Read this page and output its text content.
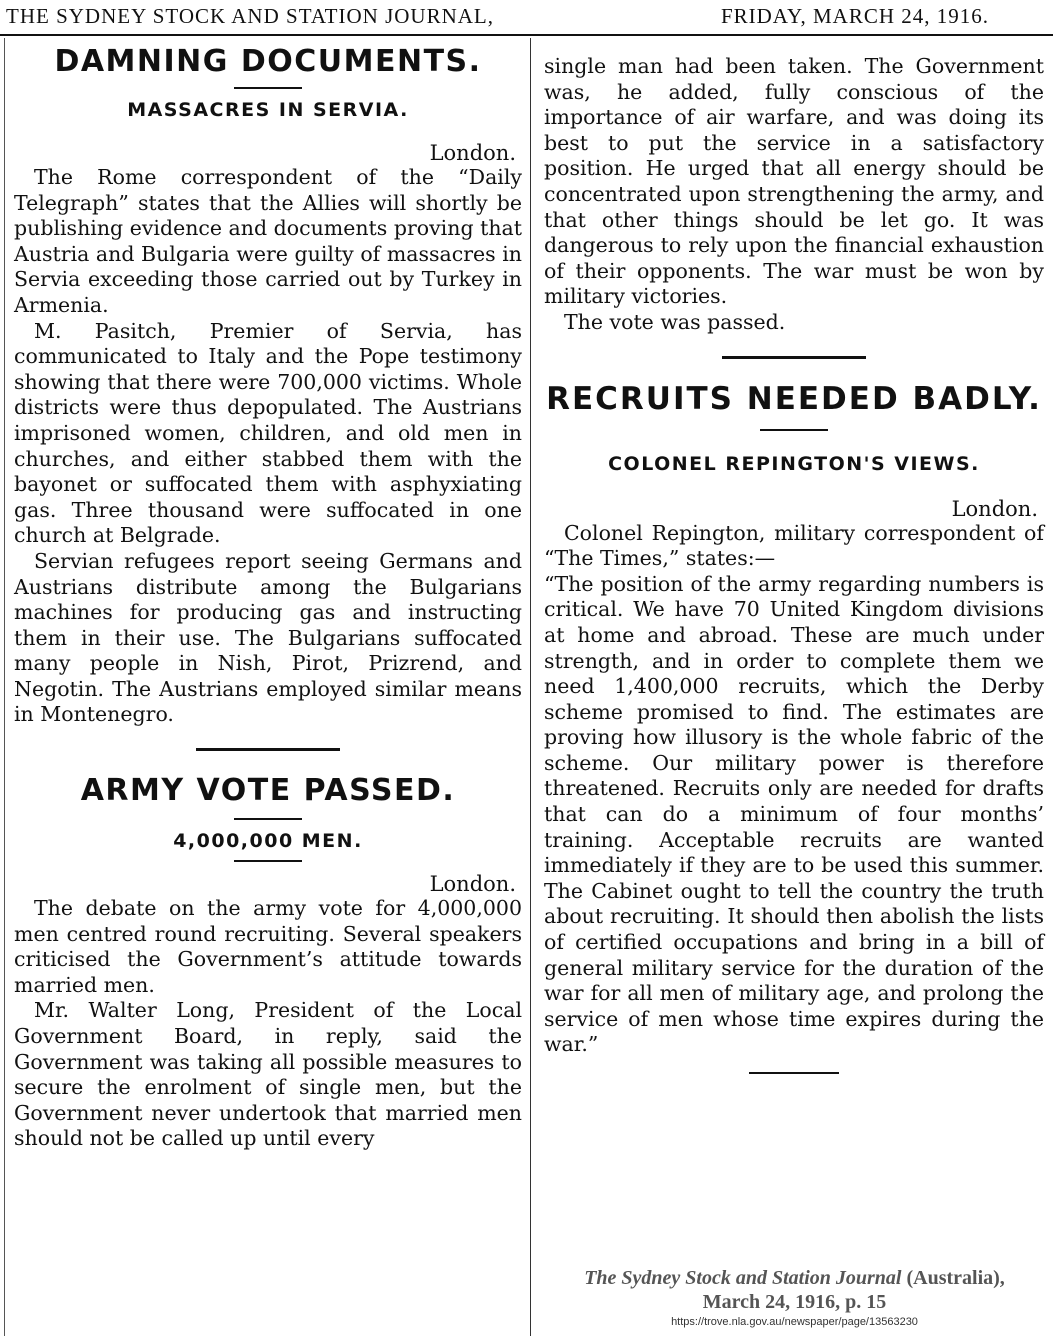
THE SYDNEY STOCK AND STATION JOURNAL,	FRIDAY, MARCH 24, 1916.
DAMNING DOCUMENTS.
MASSACRES IN SERVIA.
London.

The Rome correspondent of the “Daily Telegraph” states that the Allies will shortly be publishing evidence and documents proving that Austria and Bulgaria were guilty of massacres in Servia exceeding those carried out by Turkey in Armenia.

M. Pasitch, Premier of Servia, has communicated to Italy and the Pope testimony showing that there were 700,000 victims. Whole districts were thus depopulated. The Austrians imprisoned women, children, and old men in churches, and either stabbed them with the bayonet or suffocated them with asphyxiating gas. Three thousand were suffocated in one church at Belgrade.

Servian refugees report seeing Germans and Austrians distribute among the Bulgarians machines for producing gas and instructing them in their use. The Bulgarians suffocated many people in Nish, Pirot, Prizrend, and Negotin. The Austrians employed similar means in Montenegro.

ARMY VOTE PASSED.
4,000,000 MEN.
London.

The debate on the army vote for 4,000,000 men centred round recruiting. Several speakers criticised the Government’s attitude towards married men.

Mr. Walter Long, President of the Local Government Board, in reply, said the Government was taking all possible measures to secure the enrolment of single men, but the Government never undertook that married men should not be called up until every

single man had been taken. The Government was, he added, fully conscious of the importance of air warfare, and was doing its best to put the service in a satisfactory position. He urged that all energy should be concentrated upon strengthening the army, and that other things should be let go. It was dangerous to rely upon the financial exhaustion of their opponents. The war must be won by military victories.

The vote was passed.

RECRUITS NEEDED BADLY.
COLONEL REPINGTON'S VIEWS.
London.

Colonel Repington, military correspondent of “The Times,” states:—

“The position of the army regarding numbers is critical. We have 70 United Kingdom divisions at home and abroad. These are much under strength, and in order to complete them we need 1,400,000 recruits, which the Derby scheme promised to find. The estimates are proving how illusory is the whole fabric of the scheme. Our military power is therefore threatened. Recruits only are needed for drafts that can do a minimum of four months’ training. Acceptable recruits are wanted immediately if they are to be used this summer. The Cabinet ought to tell the country the truth about recruiting. It should then abolish the lists of certified occupations and bring in a bill of general military service for the duration of the war for all men of military age, and prolong the service of men whose time expires during the war.”

The Sydney Stock and Station Journal (Australia),
March 24, 1916, p. 15
https://trove.nla.gov.au/newspaper/page/13563230
